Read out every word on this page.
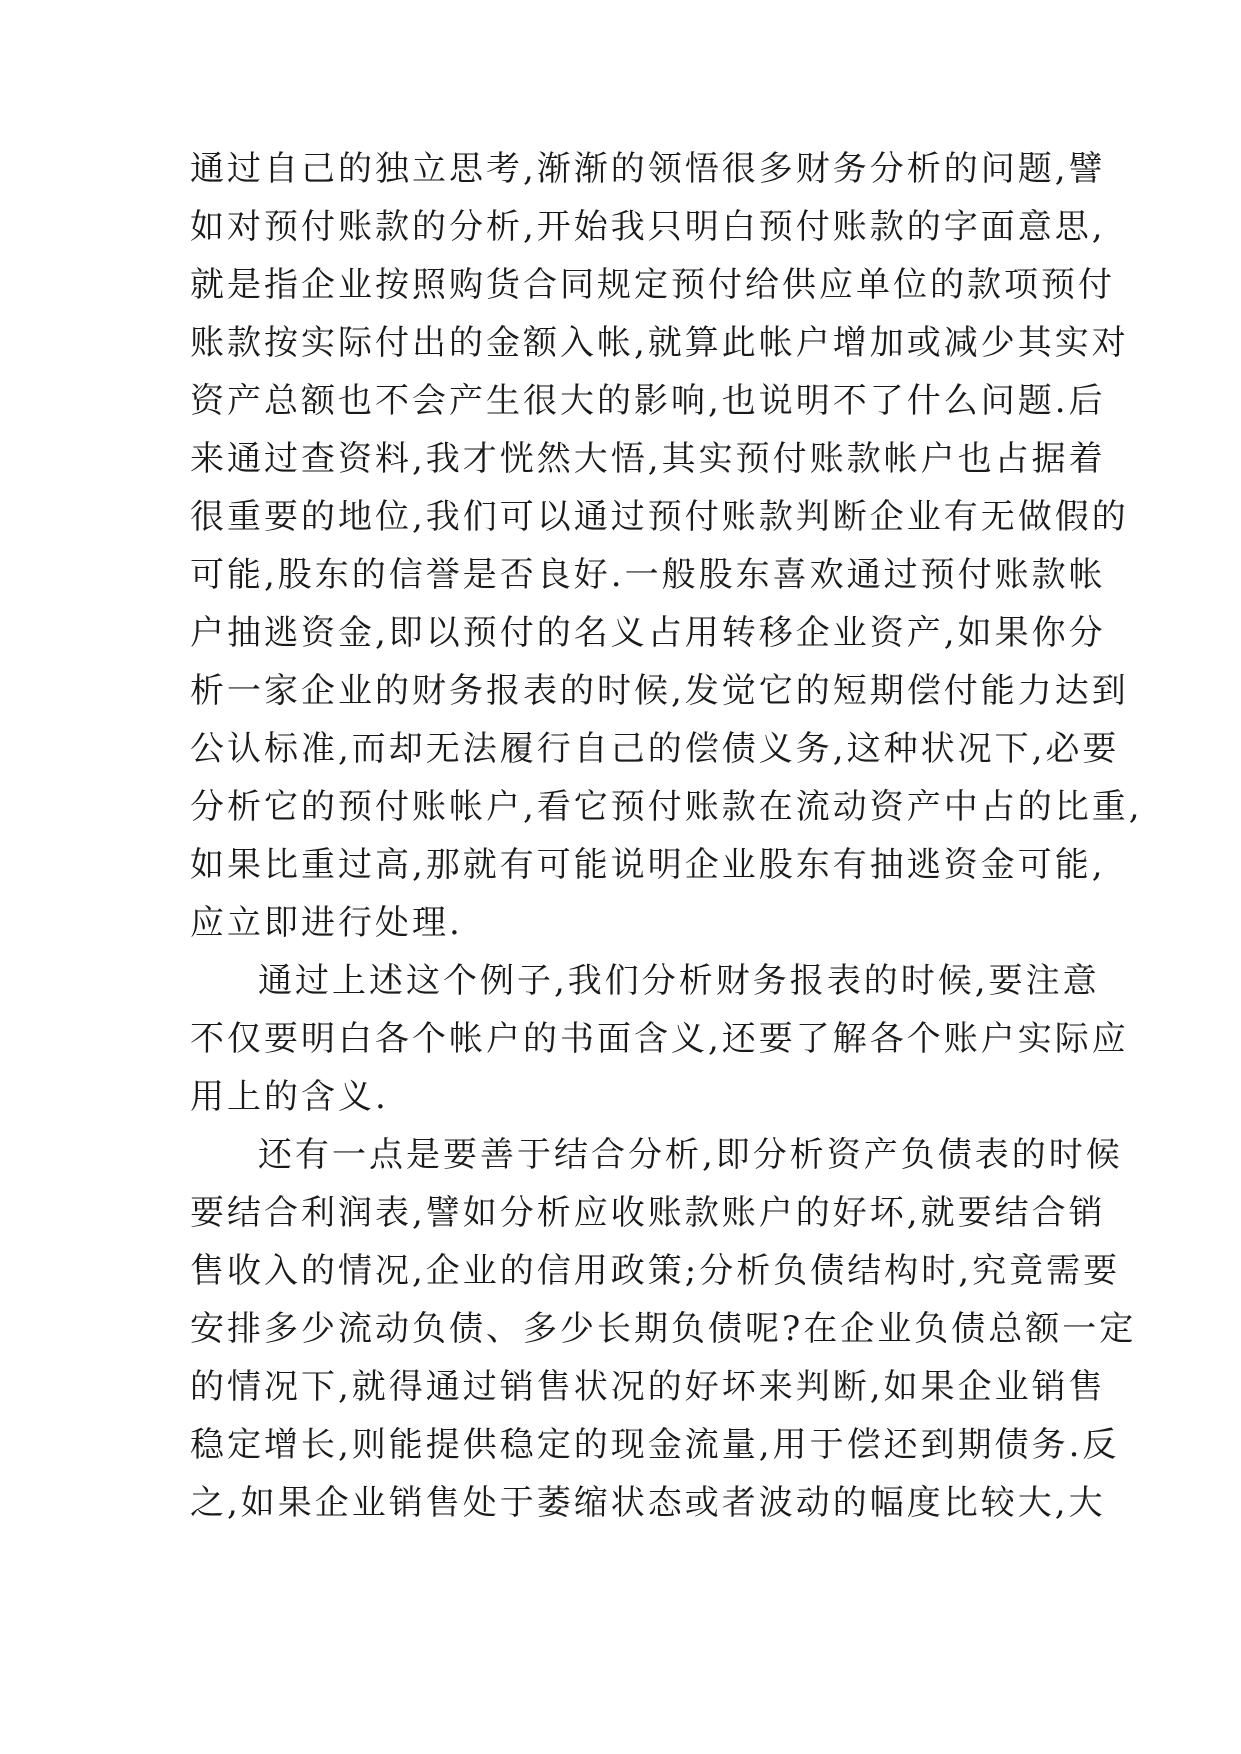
通过自己的独立思考,渐渐的领悟很多财务分析的问题,譬
如对预付账款的分析,开始我只明白预付账款的字面意思,
就是指企业按照购货合同规定预付给供应单位的款项预付
账款按实际付出的金额入帐,就算此帐户增加或减少其实对
资产总额也不会产生很大的影响,也说明不了什么问题.后
来通过查资料,我才恍然大悟,其实预付账款帐户也占据着
很重要的地位,我们可以通过预付账款判断企业有无做假的
可能,股东的信誉是否良好.一般股东喜欢通过预付账款帐
户抽逃资金,即以预付的名义占用转移企业资产,如果你分
析一家企业的财务报表的时候,发觉它的短期偿付能力达到
公认标准,而却无法履行自己的偿债义务,这种状况下,必要
分析它的预付账帐户,看它预付账款在流动资产中占的比重,
如果比重过高,那就有可能说明企业股东有抽逃资金可能,
应立即进行处理.
通过上述这个例子,我们分析财务报表的时候,要注意
不仅要明白各个帐户的书面含义,还要了解各个账户实际应
用上的含义.
还有一点是要善于结合分析,即分析资产负债表的时候
要结合利润表,譬如分析应收账款账户的好坏,就要结合销
售收入的情况,企业的信用政策;分析负债结构时,究竟需要
安排多少流动负债、多少长期负债呢?在企业负债总额一定
的情况下,就得通过销售状况的好坏来判断,如果企业销售
稳定增长,则能提供稳定的现金流量,用于偿还到期债务.反
之,如果企业销售处于萎缩状态或者波动的幅度比较大,大
